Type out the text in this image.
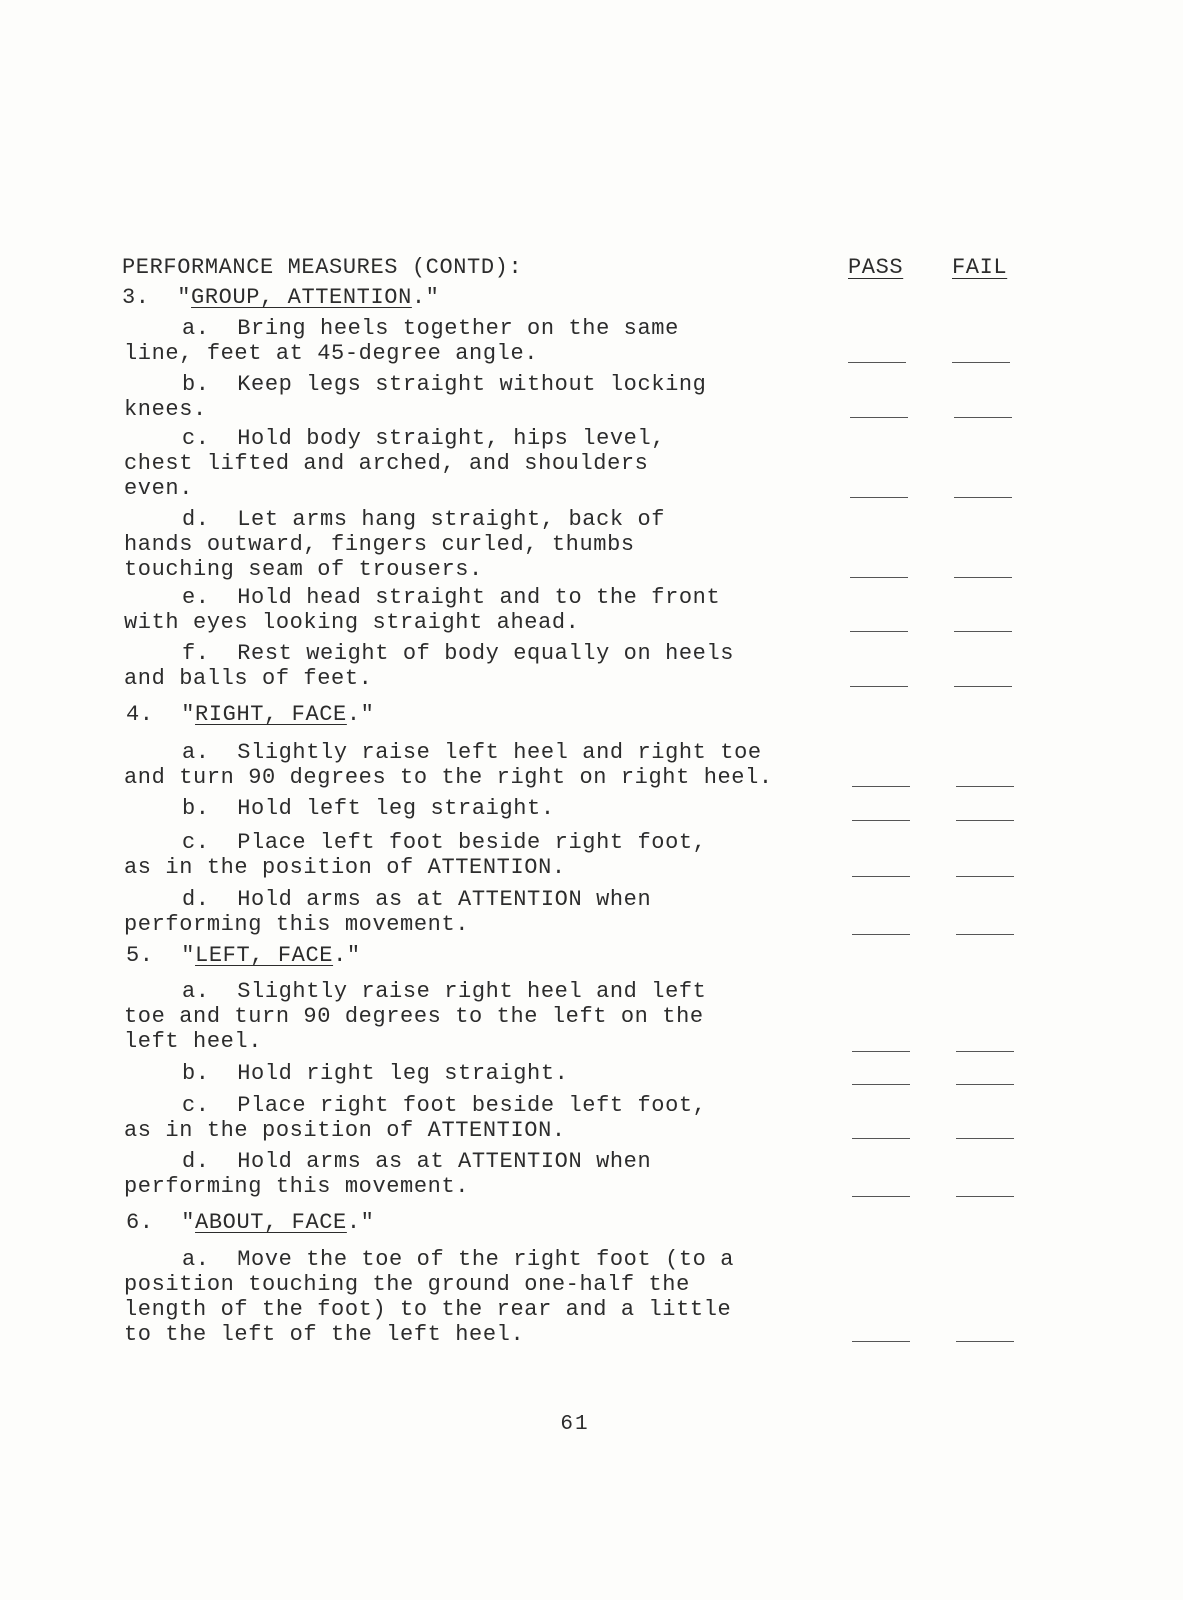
PERFORMANCE MEASURES (CONTD):	PASS FAIL
3. "GROUP, ATTENTION."
a.  Bring heels together on the same
line, feet at 45-degree angle.
b.  Keep legs straight without locking
knees.
c.  Hold body straight, hips level,
chest lifted and arched, and shoulders
even.
d.  Let arms hang straight, back of
hands outward, fingers curled, thumbs
touching seam of trousers.
e.  Hold head straight and to the front
with eyes looking straight ahead.
f.  Rest weight of body equally on heels
and balls of feet.
4. "RIGHT, FACE."
a.  Slightly raise left heel and right toe
and turn 90 degrees to the right on right heel.
b.  Hold left leg straight.
c.  Place left foot beside right foot,
as in the position of ATTENTION.
d.  Hold arms as at ATTENTION when
performing this movement.
5. "LEFT, FACE."
a.  Slightly raise right heel and left
toe and turn 90 degrees to the left on the
left heel.
b.  Hold right leg straight.
c.  Place right foot beside left foot,
as in the position of ATTENTION.
d.  Hold arms as at ATTENTION when
performing this movement.
6. "ABOUT, FACE."
a.  Move the toe of the right foot (to a
position touching the ground one-half the
length of the foot) to the rear and a little
to the left of the left heel.
61
